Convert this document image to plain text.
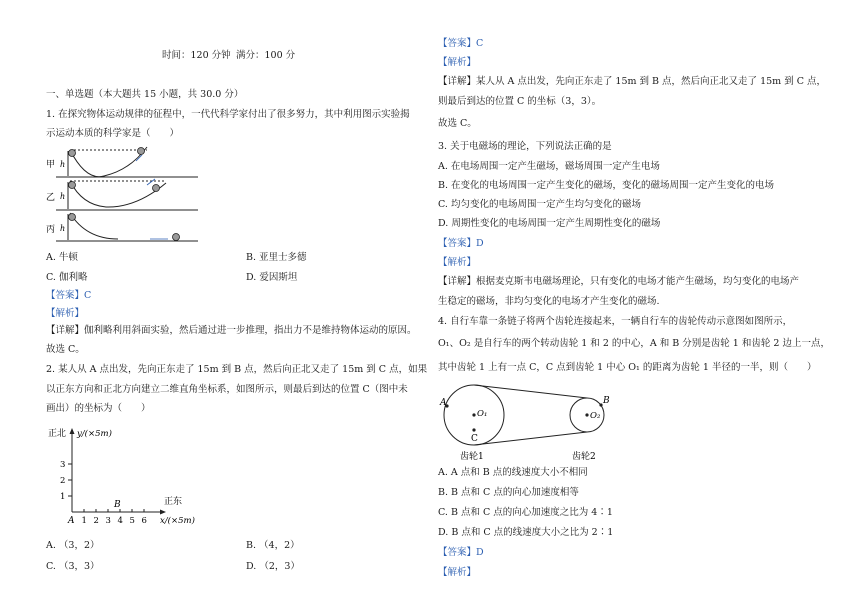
时间：120 分钟 满分：100 分
一、单选题（本大题共 15 小题，共 30.0 分）
1. 在探究物体运动规律的征程中，一代代科学家付出了很多努力，其中利用图示实验揭
示运动本质的科学家是（　　）
甲
乙
丙
h
h
h
A. 牛顿	B. 亚里士多德
C. 伽利略	D. 爱因斯坦
【答案】C
【解析】
【详解】伽利略利用斜面实验，然后通过进一步推理，指出力不是维持物体运动的原因。
故选 C。
2. 某人从 A 点出发，先向正东走了 15m 到 B 点，然后向正北又走了 15m 到 C 点，如果
以正东方向和正北方向建立二维直角坐标系，如图所示，则最后到达的位置 C（图中未
画出）的坐标为（　　）
正北 y/(×5m)
正东
x/(×5m)
A
B
1 2 3 4 5 6
1
2
3
A. （3，2）	B. （4，2）
C. （3，3）	D. （2，3）
【答案】C
【解析】
【详解】某人从 A 点出发，先向正东走了 15m 到 B 点，然后向正北又走了 15m 到 C 点，
则最后到达的位置 C 的坐标（3，3）。
故选 C。
3. 关于电磁场的理论，下列说法正确的是
A. 在电场周围一定产生磁场，磁场周围一定产生电场
B. 在变化的电场周围一定产生变化的磁场，变化的磁场周围一定产生变化的电场
C. 均匀变化的电场周围一定产生均匀变化的磁场
D. 周期性变化的电场周围一定产生周期性变化的磁场
【答案】D
【解析】
【详解】根据麦克斯韦电磁场理论，只有变化的电场才能产生磁场，均匀变化的电场产
生稳定的磁场，非均匀变化的电场才产生变化的磁场.
4. 自行车靠一条链子将两个齿轮连接起来，一辆自行车的齿轮传动示意图如图所示，
O₁、O₂ 是自行车的两个转动齿轮 1 和 2 的中心，A 和 B 分别是齿轮 1 和齿轮 2 边上一点，
其中齿轮 1 上有一点 C，C 点到齿轮 1 中心 O₁ 的距离为齿轮 1 半径的一半，则（　　）
A
O₁
C
B
O₂
齿轮1	齿轮2
A. A 点和 B 点的线速度大小不相同
B. B 点和 C 点的向心加速度相等
C. B 点和 C 点的向心加速度之比为 4∶1
D. B 点和 C 点的线速度大小之比为 2∶1
【答案】D
【解析】
